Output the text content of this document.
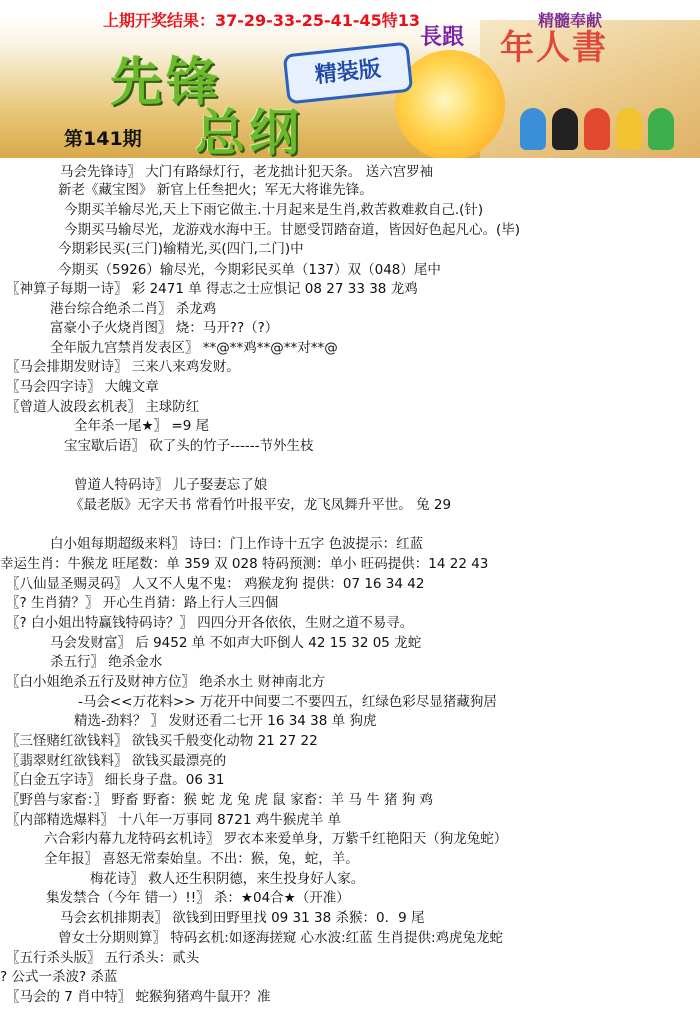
年人書
精髓奉献
先锋
总纲
精装版
長跟
上期开奖结果：37-29-33-25-41-45特13
第141期
马会先锋诗〗 大门有路绿灯行，老龙拙计犯天条。 送六宫罗袖
新老《藏宝图》 新官上任叁把火；军无大将谁先锋。
今期买羊输尽光,天上下雨它做主.十月起来是生肖,救苦救难救自己.(针)
今期买马输尽光，龙游戏水海中王。甘愿受罚踏奋道，皆因好色起凡心。(毕)
今期彩民买(三门)输精光,买(四门,二门)中
今期买（5926）输尽光，今期彩民买单（137）双（048）尾中
〖神算子每期一诗〗 彩 2471 单 得志之士应惧记 08 27 33 38 龙鸡
港台综合绝杀二肖〗 杀龙鸡
富豪小子火烧肖图〗 烧：马开??（?）
全年版九宫禁肖发表区〗 **@**鸡**@**对**@
〖马会排期发财诗〗 三来八来鸡发财。
〖马会四字诗〗 大魄文章
〖曾道人波段玄机表〗 主球防红
全年杀一尾★〗 =9 尾
宝宝歇后语〗 砍了头的竹子------节外生枝
曾道人特码诗〗 儿子娶妻忘了娘
《最老版》无字天书 常看竹叶报平安，龙飞凤舞升平世。 兔 29
白小姐每期超级来料〗 诗曰：门上作诗十五字 色波提示：红蓝
幸运生肖：牛猴龙 旺尾数：单 359 双 028 特码预测：单小 旺码提供：14 22 43
〖八仙显圣赐灵码〗 人又不人鬼不鬼： 鸡猴龙狗 提供：07 16 34 42
〖? 生肖猜？〗 开心生肖猜：路上行人三四個
〖? 白小姐出特赢钱特码诗？〗 四四分开各依依，生财之道不易寻。
马会发财富〗 后 9452 单 不如声大吓倒人 42 15 32 05 龙蛇
杀五行〗 绝杀金水
〖白小姐绝杀五行及财神方位〗 绝杀水土 财神南北方
-马会<<万花料>> 万花开中间要二不要四五，红绿色彩尽显猪藏狗居
精选-劲料？ 〗 发财还看二七开 16 34 38 单 狗虎
〖三怪赌红欲钱料〗 欲钱买千般变化动物 21 27 22
〖翡翠财红欲钱料〗 欲钱买最漂亮的
〖白金五字诗〗 细长身子盘。06 31
〖野兽与家畜：〗 野畜 野畜：猴 蛇 龙 兔 虎 鼠 家畜：羊 马 牛 猪 狗 鸡
〖内部精选爆料〗 十八年一万事同 8721 鸡牛猴虎羊 单
六合彩内幕九龙特码玄机诗〗 罗衣本来爱单身，万紫千红艳阳天（狗龙兔蛇）
全年报〗 喜怒无常秦始皇。不出：猴，兔，蛇，羊。
梅花诗〗 救人还生积阴德，来生投身好人家。
集发禁合（今年 错一）!!〗 杀：★04合★（开准）
马会玄机排期表〗 欲钱到田野里找 09 31 38 杀猴：0．9 尾
曾女士分期则算〗 特码玄机:如逐海搓窥 心水波:红蓝 生肖提供:鸡虎兔龙蛇
〖五行杀头版〗 五行杀头：贰头
? 公式一杀波? 杀蓝
〖马会的 7 肖中特〗 蛇猴狗猪鸡牛鼠开？准
